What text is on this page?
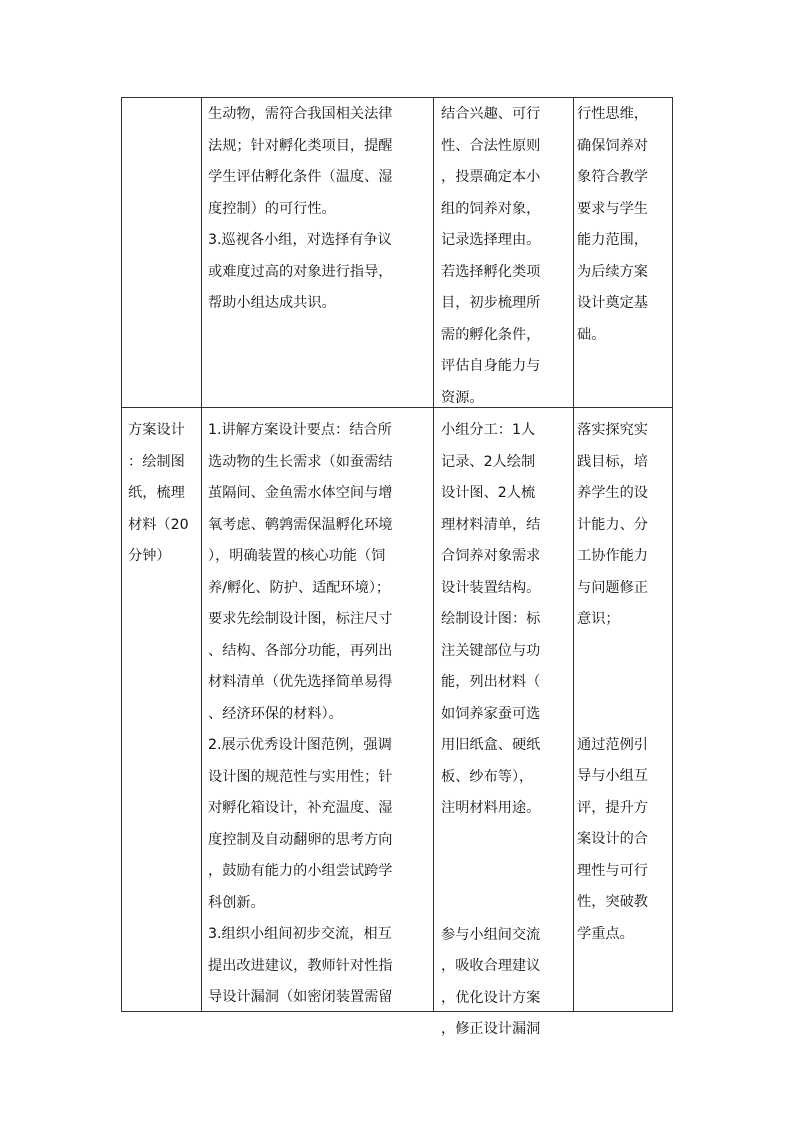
生动物，需符合我国相关法律
法规；针对孵化类项目，提醒
学生评估孵化条件（温度、湿
度控制）的可行性。
3.巡视各小组，对选择有争议
或难度过高的对象进行指导，
帮助小组达成共识。
结合兴趣、可行
性、合法性原则
，投票确定本小
组的饲养对象，
记录选择理由。
若选择孵化类项
目，初步梳理所
需的孵化条件，
评估自身能力与
资源。
行性思维，
确保饲养对
象符合教学
要求与学生
能力范围，
为后续方案
设计奠定基
础。
方案设计
：绘制图
纸，梳理
材料（20
分钟）
1.讲解方案设计要点：结合所
选动物的生长需求（如蚕需结
茧隔间、金鱼需水体空间与增
氧考虑、鹌鹑需保温孵化环境
），明确装置的核心功能（饲
养/孵化、防护、适配环境）；
要求先绘制设计图，标注尺寸
、结构、各部分功能，再列出
材料清单（优先选择简单易得
、经济环保的材料）。
2.展示优秀设计图范例，强调
设计图的规范性与实用性；针
对孵化箱设计，补充温度、湿
度控制及自动翻卵的思考方向
，鼓励有能力的小组尝试跨学
科创新。
3.组织小组间初步交流，相互
提出改进建议，教师针对性指
导设计漏洞（如密闭装置需留
小组分工：1人
记录、2人绘制
设计图、2人梳
理材料清单，结
合饲养对象需求
设计装置结构。
绘制设计图：标
注关键部位与功
能，列出材料（
如饲养家蚕可选
用旧纸盒、硬纸
板、纱布等），
注明材料用途。
参与小组间交流
，吸收合理建议
，优化设计方案
，修正设计漏洞
落实探究实
践目标，培
养学生的设
计能力、分
工协作能力
与问题修正
意识；
通过范例引
导与小组互
评，提升方
案设计的合
理性与可行
性，突破教
学重点。
